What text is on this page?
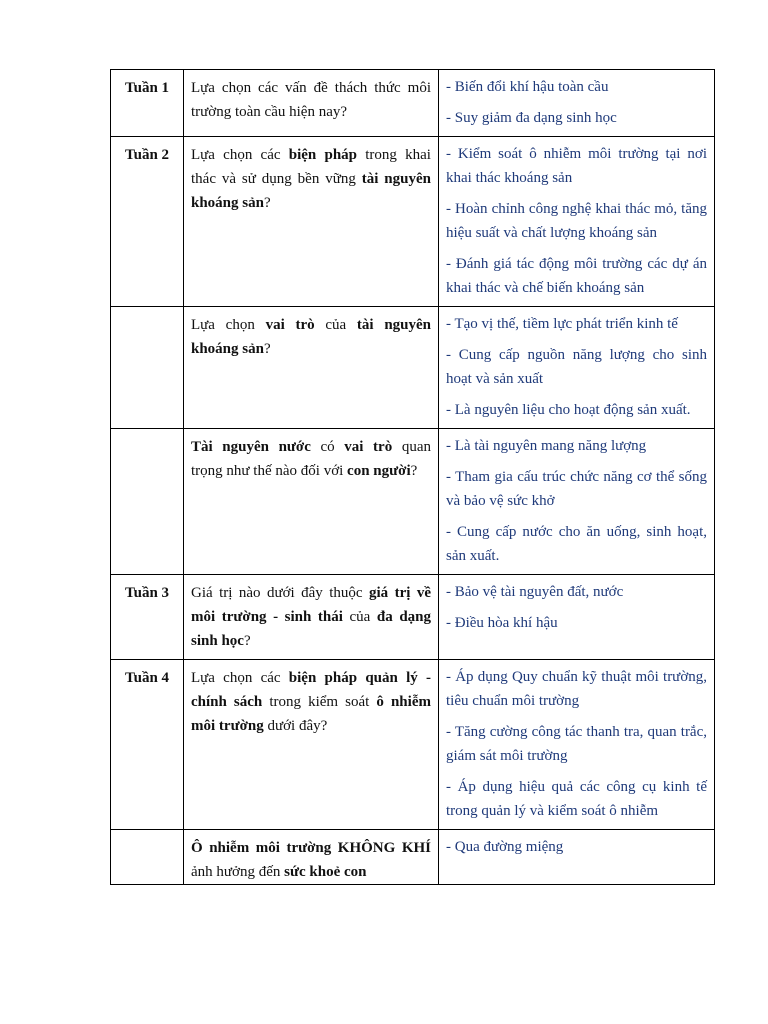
Tuần 1	Lựa chọn các vấn đề thách thức môi trường toàn cầu hiện nay?	- Biến đổi khí hậu toàn cầu

- Suy giảm đa dạng sinh học

Tuần 2	Lựa chọn các biện pháp trong khai thác và sử dụng bền vững tài nguyên khoáng sản?	- Kiểm soát ô nhiễm môi trường tại nơi khai thác khoáng sản

- Hoàn chỉnh công nghệ khai thác mỏ, tăng hiệu suất và chất lượng khoáng sản

- Đánh giá tác động môi trường các dự án khai thác và chế biến khoáng sản

	Lựa chọn vai trò của tài nguyên khoáng sản?	- Tạo vị thế, tiềm lực phát triển kinh tế

- Cung cấp nguồn năng lượng cho sinh hoạt và sản xuất

- Là nguyên liệu cho hoạt động sản xuất.

	Tài nguyên nước có vai trò quan trọng như thế nào đối với con người?	- Là tài nguyên mang năng lượng

- Tham gia cấu trúc chức năng cơ thể sống và bảo vệ sức khở

- Cung cấp nước cho ăn uống, sinh hoạt, sản xuất.

Tuần 3	Giá trị nào dưới đây thuộc giá trị về môi trường - sinh thái của đa dạng sinh học?	- Bảo vệ tài nguyên đất, nước

- Điều hòa khí hậu

Tuần 4	Lựa chọn các biện pháp quản lý - chính sách trong kiểm soát ô nhiễm môi trường dưới đây?	- Áp dụng Quy chuẩn kỹ thuật môi trường, tiêu chuẩn môi trường

- Tăng cường công tác thanh tra, quan trắc, giám sát môi trường

- Áp dụng hiệu quả các công cụ kinh tế trong quản lý và kiểm soát ô nhiễm

	Ô nhiễm môi trường KHÔNG KHÍ ảnh hưởng đến sức khoẻ con	- Qua đường miệng
